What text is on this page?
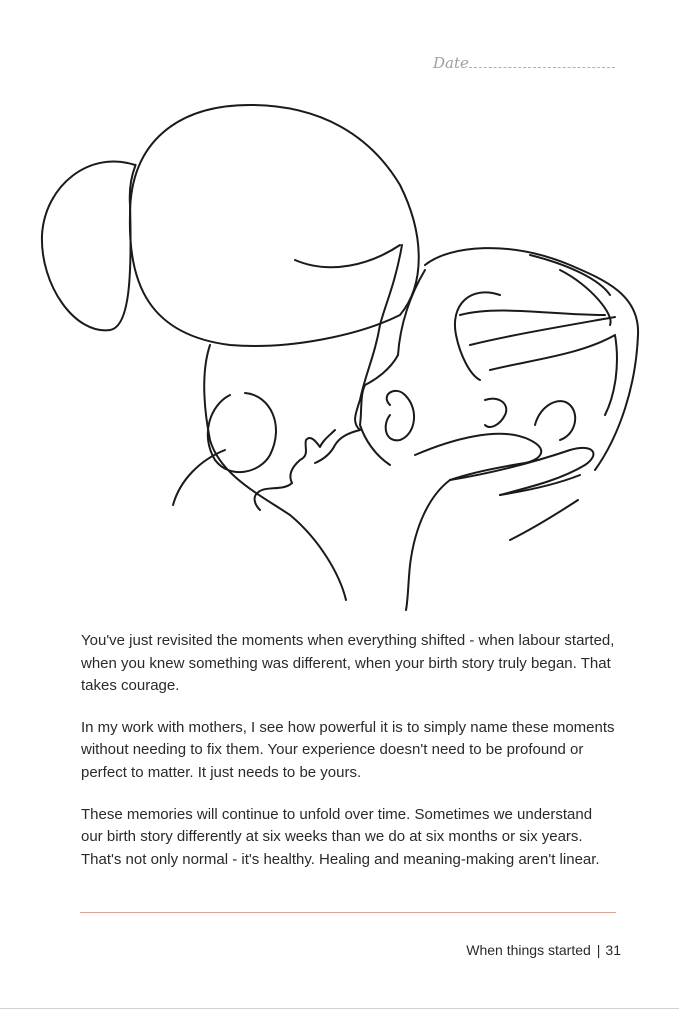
Date

You've just revisited the moments when everything shifted - when labour started, when you knew something was different, when your birth story truly began. That takes courage.

In my work with mothers, I see how powerful it is to simply name these moments without needing to fix them. Your experience doesn't need to be profound or perfect to matter. It just needs to be yours.

These memories will continue to unfold over time. Sometimes we understand our birth story differently at six weeks than we do at six months or six years. That's not only normal - it's healthy. Healing and meaning-making aren't linear.

When things started | 31
